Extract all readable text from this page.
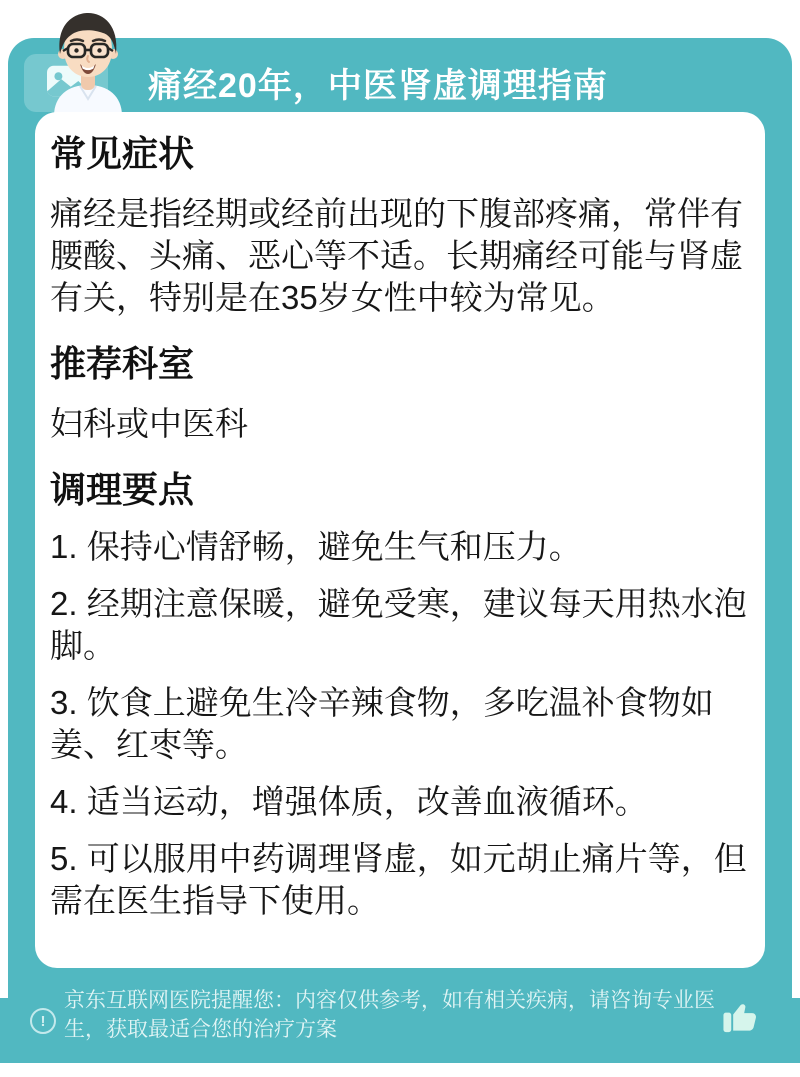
痛经20年，中医肾虚调理指南
常见症状
痛经是指经期或经前出现的下腹部疼痛，常伴有腰酸、头痛、恶心等不适。长期痛经可能与肾虚有关，特别是在35岁女性中较为常见。
推荐科室
妇科或中医科
调理要点
1. 保持心情舒畅，避免生气和压力。
2. 经期注意保暖，避免受寒，建议每天用热水泡脚。
3. 饮食上避免生冷辛辣食物，多吃温补食物如姜、红枣等。
4. 适当运动，增强体质，改善血液循环。
5. 可以服用中药调理肾虚，如元胡止痛片等，但需在医生指导下使用。
!
京东互联网医院提醒您：内容仅供参考，如有相关疾病，请咨询专业医生，获取最适合您的治疗方案
